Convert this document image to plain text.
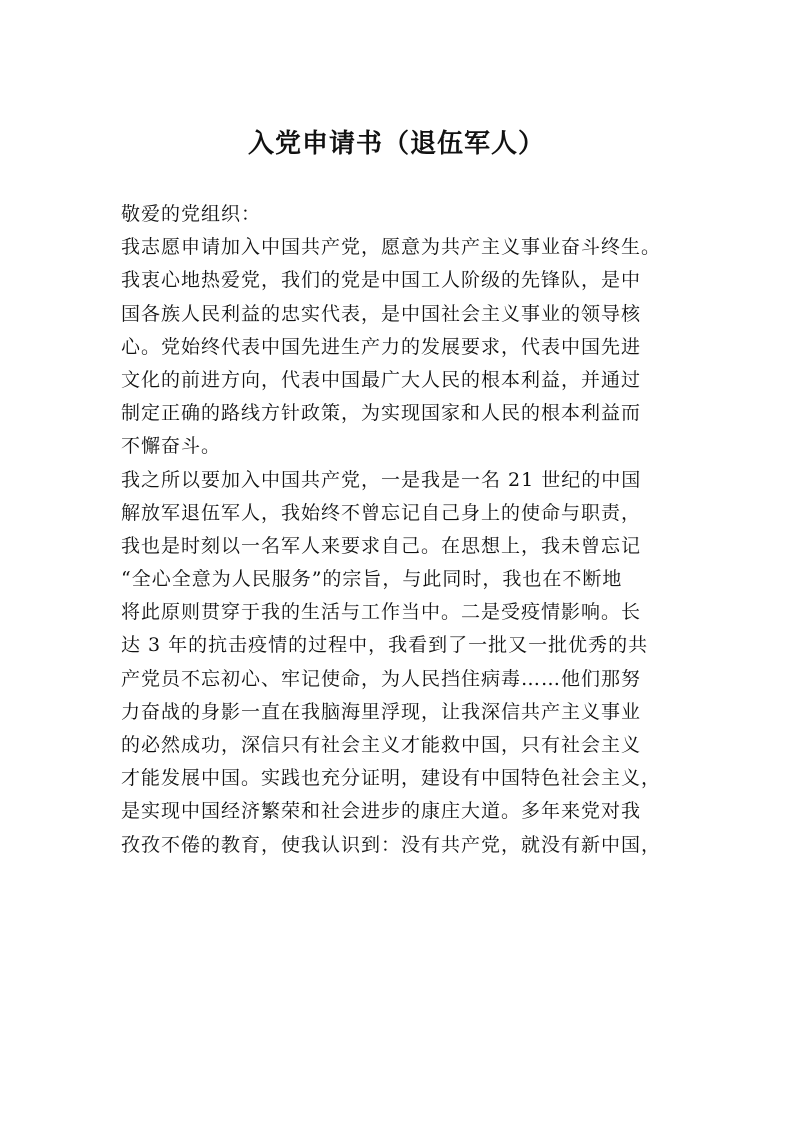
入党申请书（退伍军人）
敬爱的党组织：
我志愿申请加入中国共产党，愿意为共产主义事业奋斗终生。
我衷心地热爱党，我们的党是中国工人阶级的先锋队，是中
国各族人民利益的忠实代表，是中国社会主义事业的领导核
心。党始终代表中国先进生产力的发展要求，代表中国先进
文化的前进方向，代表中国最广大人民的根本利益，并通过
制定正确的路线方针政策，为实现国家和人民的根本利益而
不懈奋斗。
我之所以要加入中国共产党，一是我是一名 21 世纪的中国
解放军退伍军人，我始终不曾忘记自己身上的使命与职责，
我也是时刻以一名军人来要求自己。在思想上，我未曾忘记
“全心全意为人民服务”的宗旨，与此同时，我也在不断地
将此原则贯穿于我的生活与工作当中。二是受疫情影响。长
达 3 年的抗击疫情的过程中，我看到了一批又一批优秀的共
产党员不忘初心、牢记使命，为人民挡住病毒……他们那努
力奋战的身影一直在我脑海里浮现，让我深信共产主义事业
的必然成功，深信只有社会主义才能救中国，只有社会主义
才能发展中国。实践也充分证明，建设有中国特色社会主义，
是实现中国经济繁荣和社会进步的康庄大道。多年来党对我
孜孜不倦的教育，使我认识到：没有共产党，就没有新中国，
